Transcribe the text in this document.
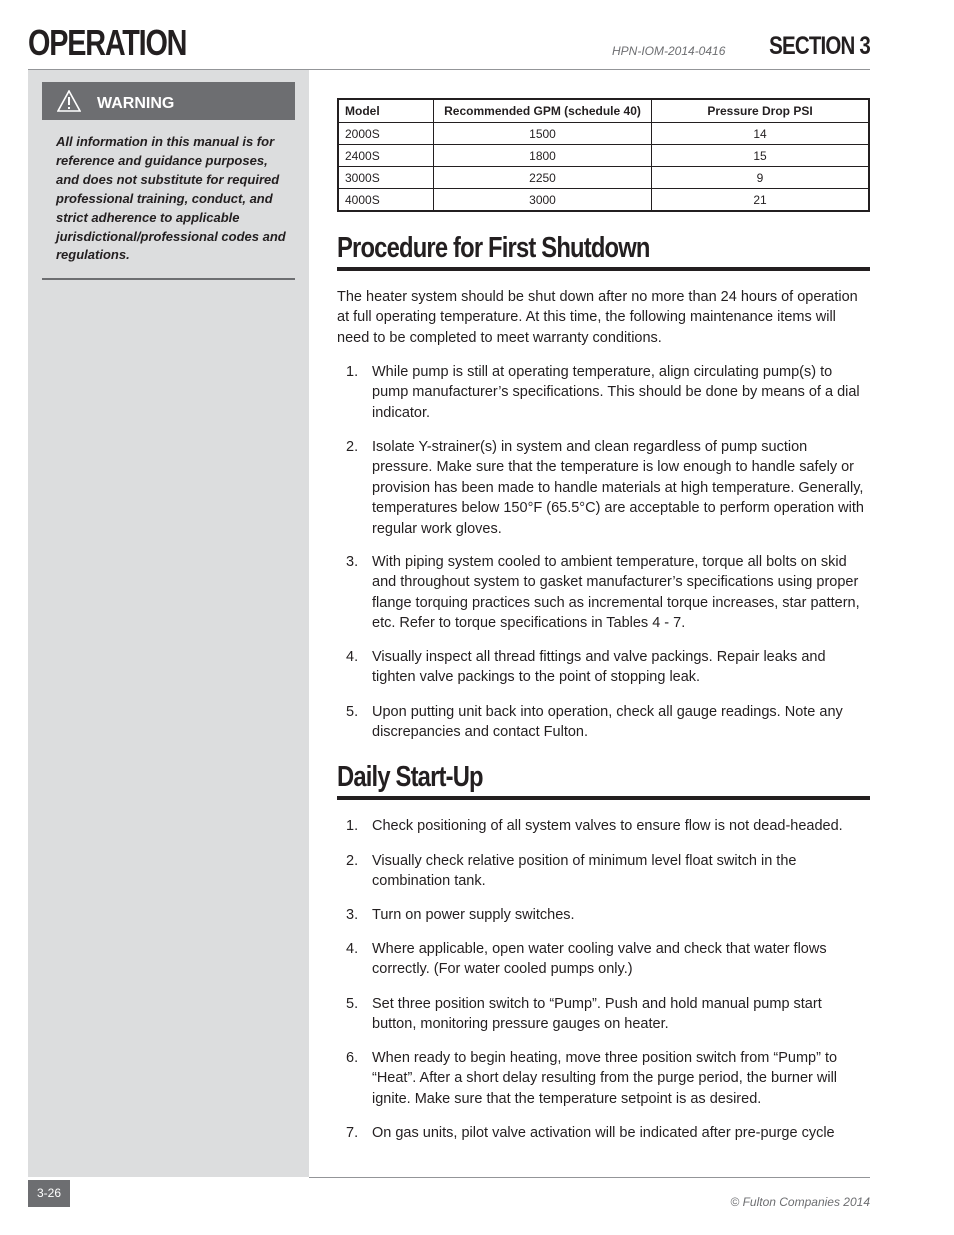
OPERATION	HPN-IOM-2014-0416 SECTION 3
WARNING
All information in this manual is for reference and guidance purposes, and does not substitute for required professional training, conduct, and strict adherence to applicable jurisdictional/professional codes and regulations.
Model	Recommended GPM (schedule 40)	Pressure Drop PSI
2000S	1500	14
2400S	1800	15
3000S	2250	9
4000S	3000	21
Procedure for First Shutdown
The heater system should be shut down after no more than 24 hours of operation at full operating temperature. At this time, the following maintenance items will need to be completed to meet warranty conditions.
1. While pump is still at operating temperature, align circulating pump(s) to pump manufacturer’s specifications. This should be done by means of a dial indicator.
2. Isolate Y-strainer(s) in system and clean regardless of pump suction pressure. Make sure that the temperature is low enough to handle safely or provision has been made to handle materials at high temperature. Generally, temperatures below 150°F (65.5°C) are acceptable to perform operation with regular work gloves.
3. With piping system cooled to ambient temperature, torque all bolts on skid and throughout system to gasket manufacturer’s specifications using proper flange torquing practices such as incremental torque increases, star pattern, etc. Refer to torque specifications in Tables 4 - 7.
4. Visually inspect all thread fittings and valve packings. Repair leaks and tighten valve packings to the point of stopping leak.
5. Upon putting unit back into operation, check all gauge readings. Note any discrepancies and contact Fulton.
Daily Start-Up
1. Check positioning of all system valves to ensure flow is not dead-headed.
2. Visually check relative position of minimum level float switch in the combination tank.
3. Turn on power supply switches.
4. Where applicable, open water cooling valve and check that water flows correctly. (For water cooled pumps only.)
5. Set three position switch to “Pump”. Push and hold manual pump start button, monitoring pressure gauges on heater.
6. When ready to begin heating, move three position switch from “Pump” to “Heat”. After a short delay resulting from the purge period, the burner will ignite. Make sure that the temperature setpoint is as desired.
7. On gas units, pilot valve activation will be indicated after pre-purge cycle
3-26
© Fulton Companies 2014
